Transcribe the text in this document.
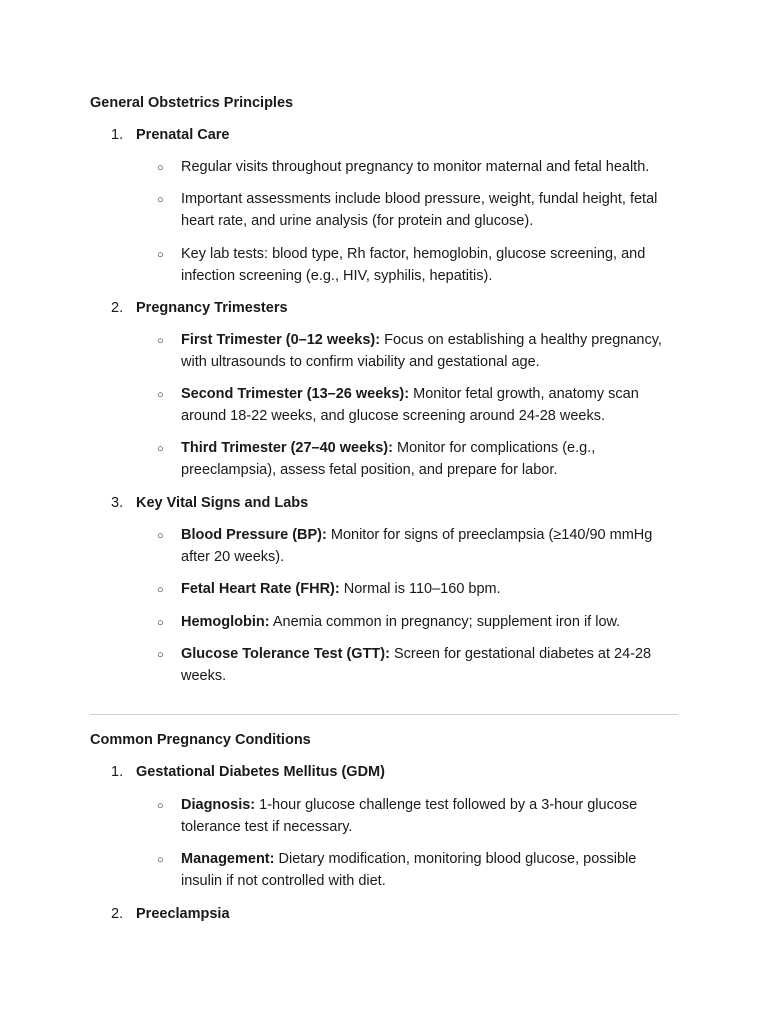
General Obstetrics Principles
1. Prenatal Care
○ Regular visits throughout pregnancy to monitor maternal and fetal health.
○ Important assessments include blood pressure, weight, fundal height, fetal heart rate, and urine analysis (for protein and glucose).
○ Key lab tests: blood type, Rh factor, hemoglobin, glucose screening, and infection screening (e.g., HIV, syphilis, hepatitis).
2. Pregnancy Trimesters
○ First Trimester (0–12 weeks): Focus on establishing a healthy pregnancy, with ultrasounds to confirm viability and gestational age.
○ Second Trimester (13–26 weeks): Monitor fetal growth, anatomy scan around 18-22 weeks, and glucose screening around 24-28 weeks.
○ Third Trimester (27–40 weeks): Monitor for complications (e.g., preeclampsia), assess fetal position, and prepare for labor.
3. Key Vital Signs and Labs
○ Blood Pressure (BP): Monitor for signs of preeclampsia (≥140/90 mmHg after 20 weeks).
○ Fetal Heart Rate (FHR): Normal is 110–160 bpm.
○ Hemoglobin: Anemia common in pregnancy; supplement iron if low.
○ Glucose Tolerance Test (GTT): Screen for gestational diabetes at 24-28 weeks.
Common Pregnancy Conditions
1. Gestational Diabetes Mellitus (GDM)
○ Diagnosis: 1-hour glucose challenge test followed by a 3-hour glucose tolerance test if necessary.
○ Management: Dietary modification, monitoring blood glucose, possible insulin if not controlled with diet.
2. Preeclampsia
